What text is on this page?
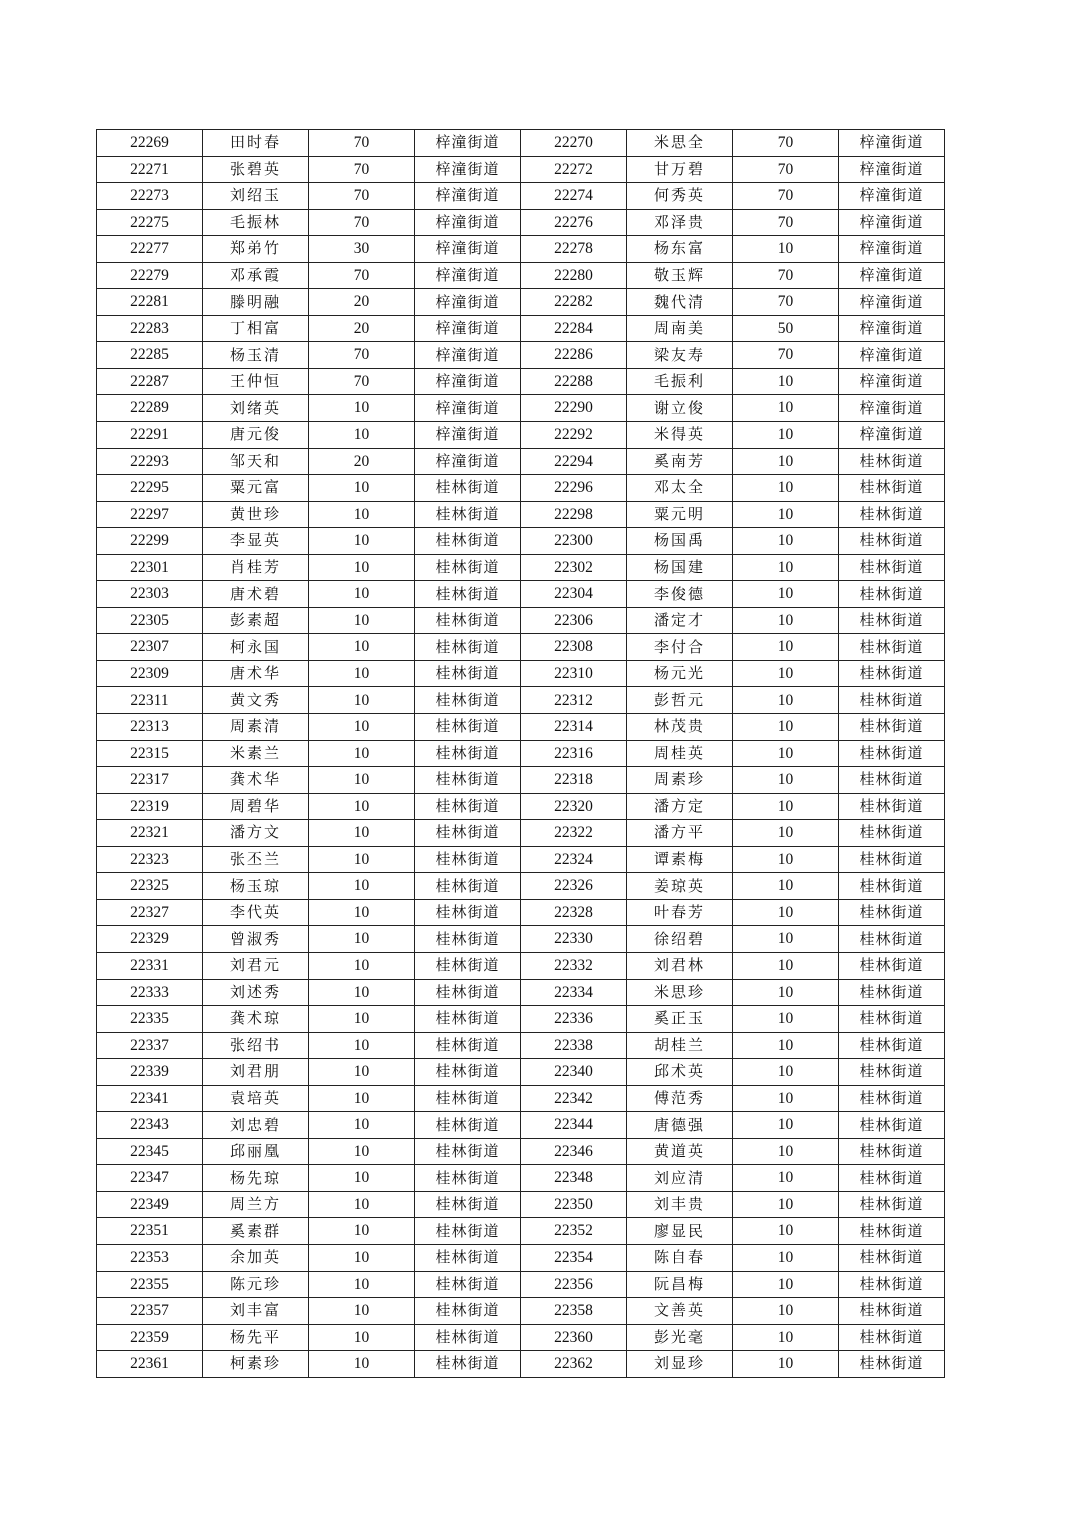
22269	田时春	70	梓潼街道	22270	米思全	70	梓潼街道
22271	张碧英	70	梓潼街道	22272	甘万碧	70	梓潼街道
22273	刘绍玉	70	梓潼街道	22274	何秀英	70	梓潼街道
22275	毛振林	70	梓潼街道	22276	邓泽贵	70	梓潼街道
22277	郑弟竹	30	梓潼街道	22278	杨东富	10	梓潼街道
22279	邓承霞	70	梓潼街道	22280	敬玉辉	70	梓潼街道
22281	滕明融	20	梓潼街道	22282	魏代清	70	梓潼街道
22283	丁相富	20	梓潼街道	22284	周南美	50	梓潼街道
22285	杨玉清	70	梓潼街道	22286	梁友寿	70	梓潼街道
22287	王仲恒	70	梓潼街道	22288	毛振利	10	梓潼街道
22289	刘绪英	10	梓潼街道	22290	谢立俊	10	梓潼街道
22291	唐元俊	10	梓潼街道	22292	米得英	10	梓潼街道
22293	邹天和	20	梓潼街道	22294	奚南芳	10	桂林街道
22295	粟元富	10	桂林街道	22296	邓太全	10	桂林街道
22297	黄世珍	10	桂林街道	22298	粟元明	10	桂林街道
22299	李显英	10	桂林街道	22300	杨国禹	10	桂林街道
22301	肖桂芳	10	桂林街道	22302	杨国建	10	桂林街道
22303	唐术碧	10	桂林街道	22304	李俊德	10	桂林街道
22305	彭素超	10	桂林街道	22306	潘定才	10	桂林街道
22307	柯永国	10	桂林街道	22308	李付合	10	桂林街道
22309	唐术华	10	桂林街道	22310	杨元光	10	桂林街道
22311	黄文秀	10	桂林街道	22312	彭哲元	10	桂林街道
22313	周素清	10	桂林街道	22314	林茂贵	10	桂林街道
22315	米素兰	10	桂林街道	22316	周桂英	10	桂林街道
22317	龚术华	10	桂林街道	22318	周素珍	10	桂林街道
22319	周碧华	10	桂林街道	22320	潘方定	10	桂林街道
22321	潘方文	10	桂林街道	22322	潘方平	10	桂林街道
22323	张丕兰	10	桂林街道	22324	谭素梅	10	桂林街道
22325	杨玉琼	10	桂林街道	22326	姜琼英	10	桂林街道
22327	李代英	10	桂林街道	22328	叶春芳	10	桂林街道
22329	曾淑秀	10	桂林街道	22330	徐绍碧	10	桂林街道
22331	刘君元	10	桂林街道	22332	刘君林	10	桂林街道
22333	刘述秀	10	桂林街道	22334	米思珍	10	桂林街道
22335	龚术琼	10	桂林街道	22336	奚正玉	10	桂林街道
22337	张绍书	10	桂林街道	22338	胡桂兰	10	桂林街道
22339	刘君朋	10	桂林街道	22340	邱术英	10	桂林街道
22341	袁培英	10	桂林街道	22342	傅范秀	10	桂林街道
22343	刘忠碧	10	桂林街道	22344	唐德强	10	桂林街道
22345	邱丽凰	10	桂林街道	22346	黄道英	10	桂林街道
22347	杨先琼	10	桂林街道	22348	刘应清	10	桂林街道
22349	周兰方	10	桂林街道	22350	刘丰贵	10	桂林街道
22351	奚素群	10	桂林街道	22352	廖显民	10	桂林街道
22353	余加英	10	桂林街道	22354	陈自春	10	桂林街道
22355	陈元珍	10	桂林街道	22356	阮昌梅	10	桂林街道
22357	刘丰富	10	桂林街道	22358	文善英	10	桂林街道
22359	杨先平	10	桂林街道	22360	彭光毫	10	桂林街道
22361	柯素珍	10	桂林街道	22362	刘显珍	10	桂林街道
